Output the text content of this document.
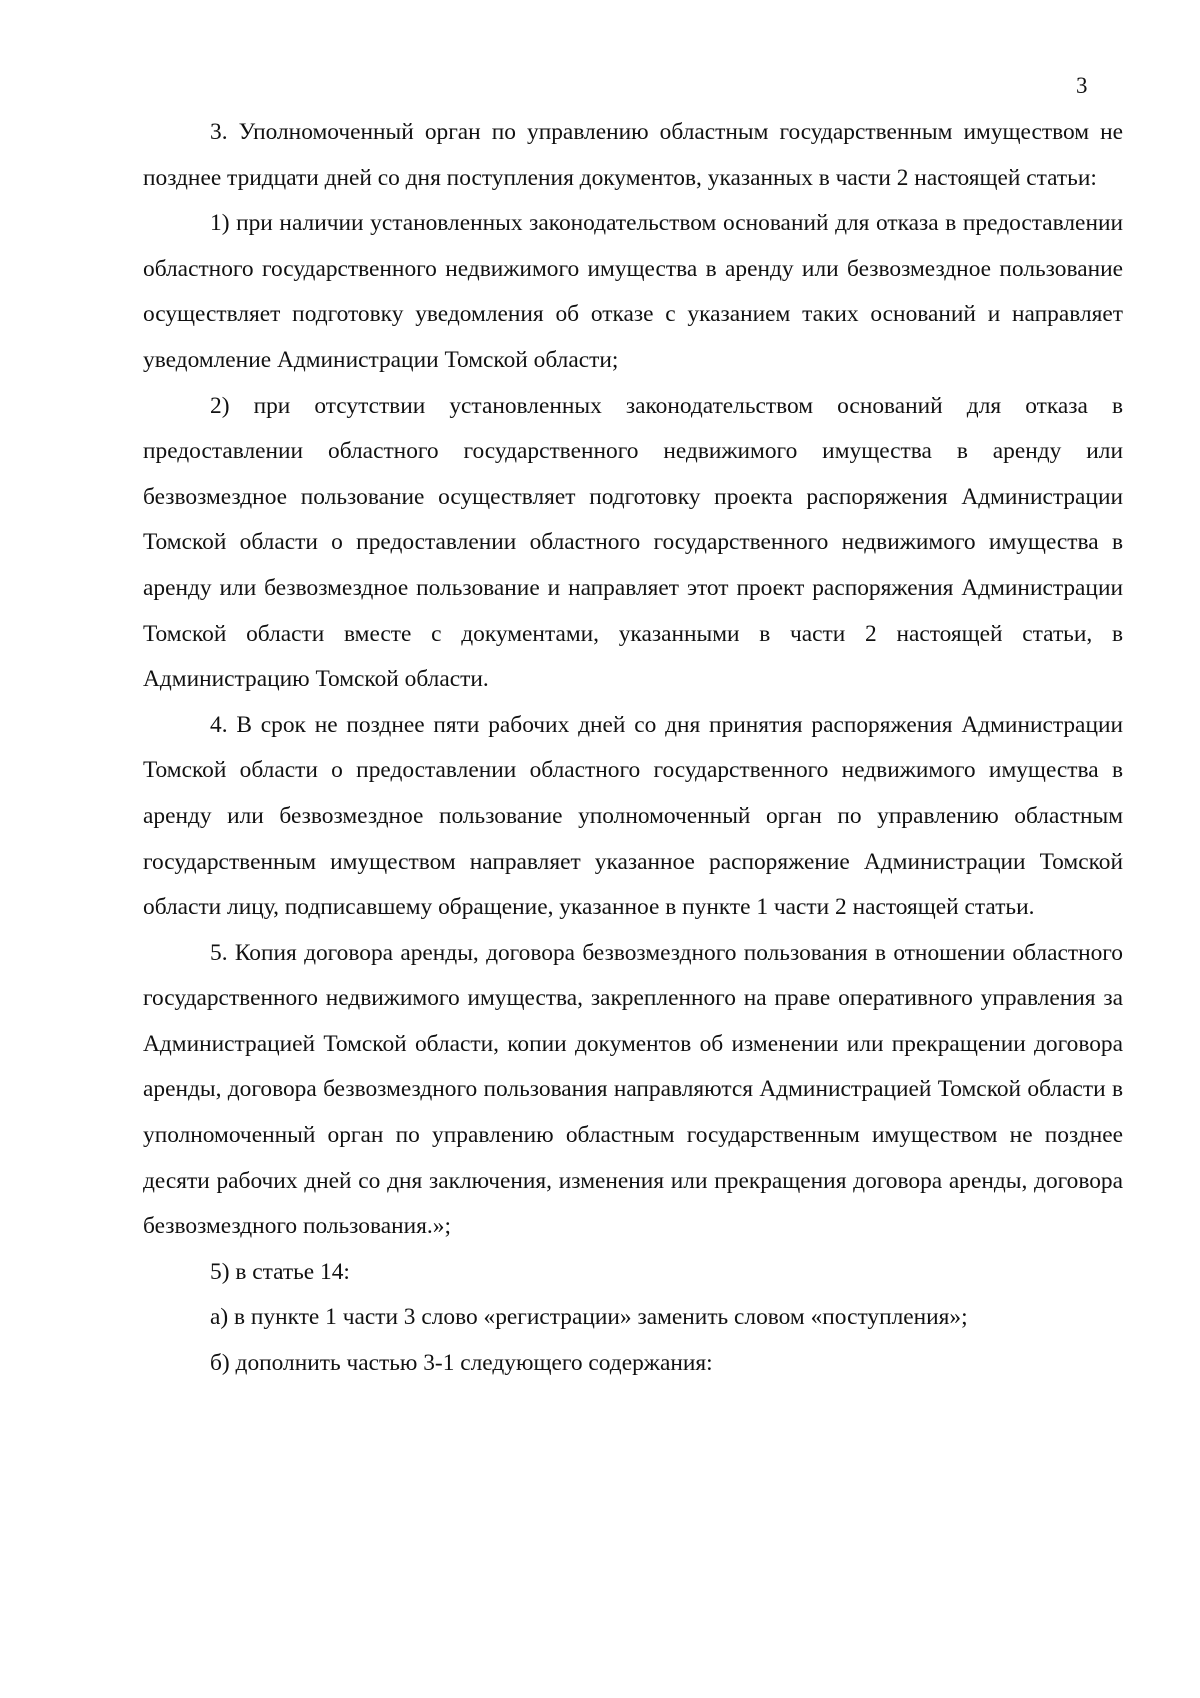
3

3. Уполномоченный орган по управлению областным государственным имуществом не позднее тридцати дней со дня поступления документов, указанных в части 2 настоящей статьи:

1) при наличии установленных законодательством оснований для отказа в предоставлении областного государственного недвижимого имущества в аренду или безвозмездное пользование осуществляет подготовку уведомления об отказе с указанием таких оснований и направляет уведомление Администрации Томской области;

2) при отсутствии установленных законодательством оснований для отказа в предоставлении областного государственного недвижимого имущества в аренду или безвозмездное пользование осуществляет подготовку проекта распоряжения Администрации Томской области о предоставлении областного государственного недвижимого имущества в аренду или безвозмездное пользование и направляет этот проект распоряжения Администрации Томской области вместе с документами, указанными в части 2 настоящей статьи, в Администрацию Томской области.

4. В срок не позднее пяти рабочих дней со дня принятия распоряжения Администрации Томской области о предоставлении областного государственного недвижимого имущества в аренду или безвозмездное пользование уполномоченный орган по управлению областным государственным имуществом направляет указанное распоряжение Администрации Томской области лицу, подписавшему обращение, указанное в пункте 1 части 2 настоящей статьи.

5. Копия договора аренды, договора безвозмездного пользования в отношении областного государственного недвижимого имущества, закрепленного на праве оперативного управления за Администрацией Томской области, копии документов об изменении или прекращении договора аренды, договора безвозмездного пользования направляются Администрацией Томской области в уполномоченный орган по управлению областным государственным имуществом не позднее десяти рабочих дней со дня заключения, изменения или прекращения договора аренды, договора безвозмездного пользования.»;

5) в статье 14:

а) в пункте 1 части 3 слово «регистрации» заменить словом «поступления»;

б) дополнить частью 3-1 следующего содержания:
